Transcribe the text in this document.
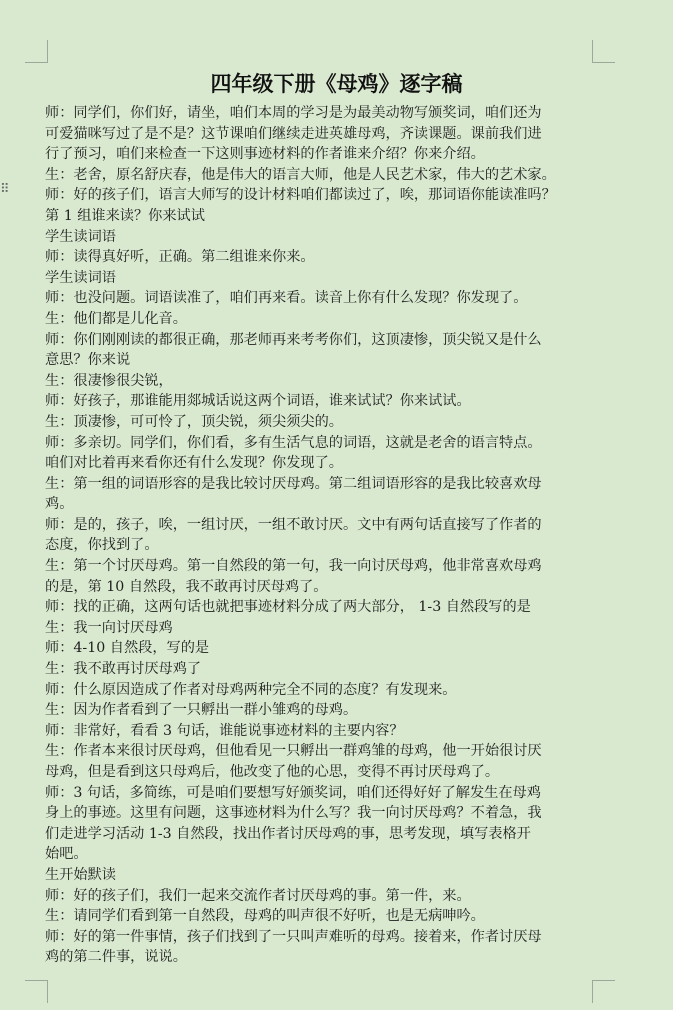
⠿
四年级下册《母鸡》逐字稿
师：同学们，你们好，请坐，咱们本周的学习是为最美动物写颁奖词，咱们还为
可爱猫咪写过了是不是？这节课咱们继续走进英雄母鸡，齐读课题。课前我们进
行了预习，咱们来检查一下这则事迹材料的作者谁来介绍？你来介绍。
生：老舍，原名舒庆春，他是伟大的语言大师，他是人民艺术家，伟大的艺术家。
师：好的孩子们，语言大师写的设计材料咱们都读过了，唉，那词语你能读准吗？
第 1 组谁来读？你来试试
学生读词语
师：读得真好听，正确。第二组谁来你来。
学生读词语
师：也没问题。词语读准了，咱们再来看。读音上你有什么发现？你发现了。
生：他们都是儿化音。
师：你们刚刚读的都很正确，那老师再来考考你们，这顶凄惨，顶尖锐又是什么
意思？你来说
生：很凄惨很尖锐，
师：好孩子，那谁能用郯城话说这两个词语，谁来试试？你来试试。
生：顶凄惨，可可怜了，顶尖锐，须尖须尖的。
师：多亲切。同学们，你们看，多有生活气息的词语，这就是老舍的语言特点。
咱们对比着再来看你还有什么发现？你发现了。
生：第一组的词语形容的是我比较讨厌母鸡。第二组词语形容的是我比较喜欢母
鸡。
师：是的，孩子，唉，一组讨厌，一组不敢讨厌。文中有两句话直接写了作者的
态度，你找到了。
生：第一个讨厌母鸡。第一自然段的第一句，我一向讨厌母鸡，他非常喜欢母鸡
的是，第 10 自然段，我不敢再讨厌母鸡了。
师：找的正确，这两句话也就把事迹材料分成了两大部分， 1-3 自然段写的是
生：我一向讨厌母鸡
师：4-10 自然段，写的是
生：我不敢再讨厌母鸡了
师：什么原因造成了作者对母鸡两种完全不同的态度？有发现来。
生：因为作者看到了一只孵出一群小雏鸡的母鸡。
师：非常好，看看 3 句话，谁能说事迹材料的主要内容？
生：作者本来很讨厌母鸡，但他看见一只孵出一群鸡雏的母鸡，他一开始很讨厌
母鸡，但是看到这只母鸡后，他改变了他的心思，变得不再讨厌母鸡了。
师：3 句话，多简练，可是咱们要想写好颁奖词，咱们还得好好了解发生在母鸡
身上的事迹。这里有问题，这事迹材料为什么写？我一向讨厌母鸡？不着急，我
们走进学习活动 1-3 自然段，找出作者讨厌母鸡的事，思考发现，填写表格开
始吧。
生开始默读
师：好的孩子们，我们一起来交流作者讨厌母鸡的事。第一件，来。
生：请同学们看到第一自然段，母鸡的叫声很不好听，也是无病呻吟。
师：好的第一件事情，孩子们找到了一只叫声难听的母鸡。接着来，作者讨厌母
鸡的第二件事，说说。
